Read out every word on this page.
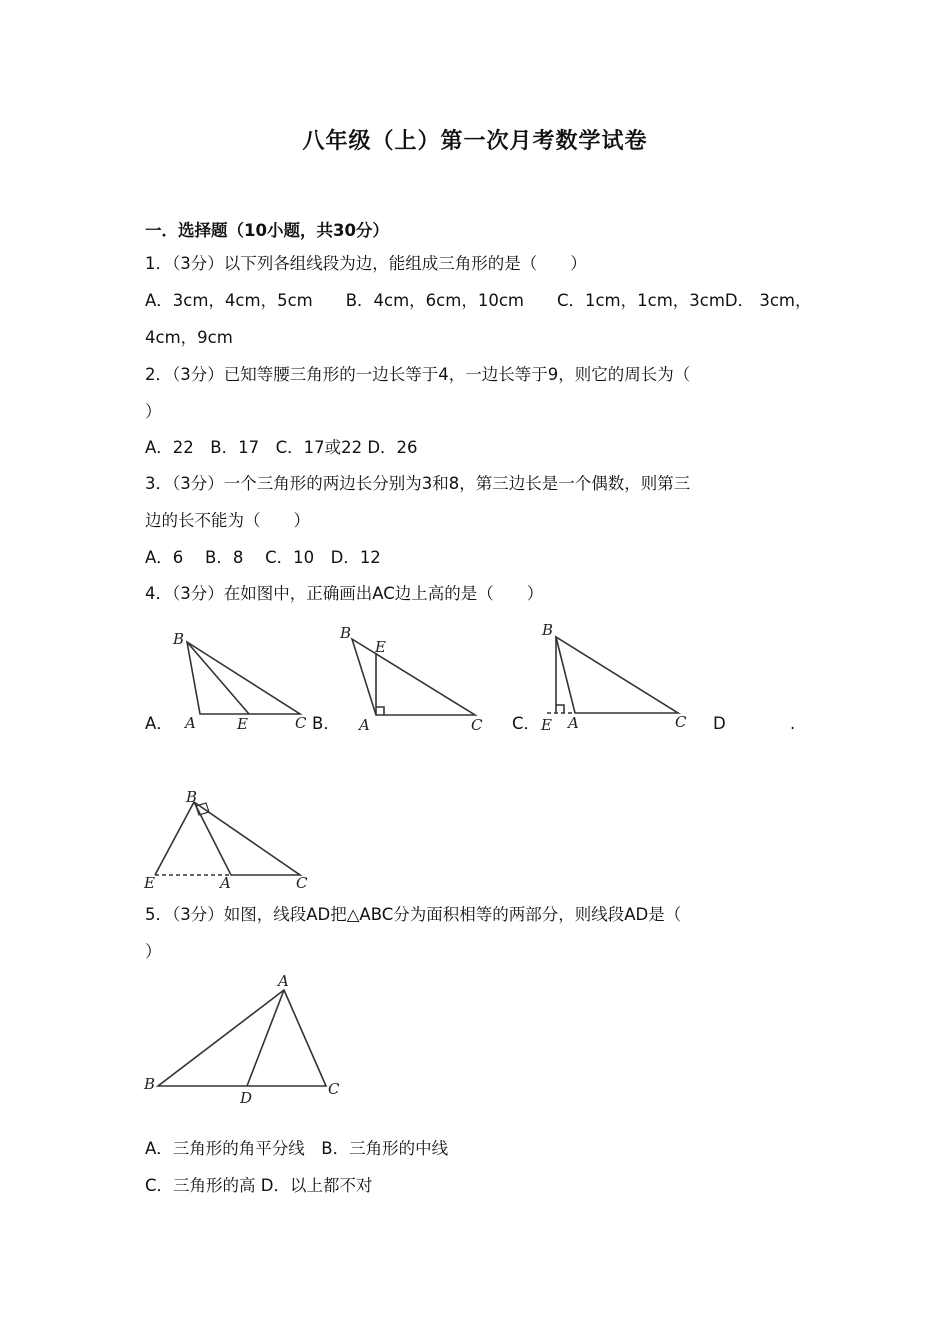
八年级（上）第一次月考数学试卷
一．选择题（10小题，共30分）
1．（3分）以下列各组线段为边，能组成三角形的是（　　）
A．3cm，4cm，5cm　　B．4cm，6cm，10cm　　C．1cm，1cm，3cmD． 3cm，
4cm，9cm
2．（3分）已知等腰三角形的一边长等于4，一边长等于9，则它的周长为（
）
A．22　B．17　C．17或22 D．26
3．（3分）一个三角形的两边长分别为3和8，第三边长是一个偶数，则第三
边的长不能为（　　）
A．6　 B．8　 C．10　D．12
4．（3分）在如图中，正确画出AC边上高的是（　　）
A．
B
A	E	C B．
B
E
A	C C．
B
E A	C D	.
B
E	A	C
5．（3分）如图，线段AD把△ABC分为面积相等的两部分，则线段AD是（
）
A
B
D	C
A．三角形的角平分线　B．三角形的中线
C．三角形的高 D．以上都不对
